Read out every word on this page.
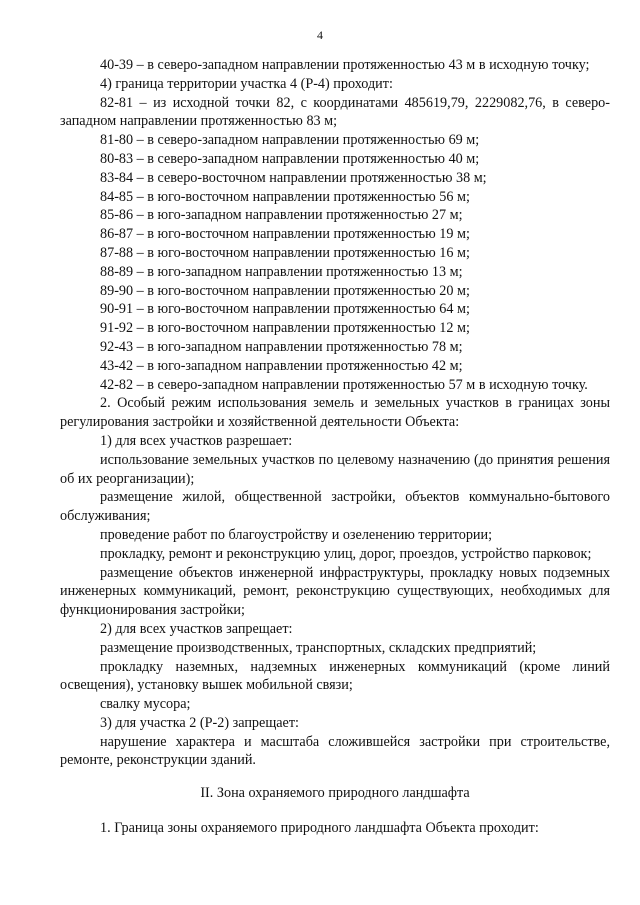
4

40-39 – в северо-западном направлении протяженностью 43 м в исходную точку;

4) граница территории участка 4 (Р-4) проходит:

82-81 – из исходной точки 82, с координатами 485619,79, 2229082,76, в северо-западном направлении протяженностью 83 м;

81-80 – в северо-западном направлении протяженностью 69 м;

80-83 – в северо-западном направлении протяженностью 40 м;

83-84 – в северо-восточном направлении протяженностью 38 м;

84-85 – в юго-восточном направлении протяженностью 56 м;

85-86 – в юго-западном направлении протяженностью 27 м;

86-87 – в юго-восточном направлении протяженностью 19 м;

87-88 – в юго-восточном направлении протяженностью 16 м;

88-89 – в юго-западном направлении протяженностью 13 м;

89-90 – в юго-восточном направлении протяженностью 20 м;

90-91 – в юго-восточном направлении протяженностью 64 м;

91-92 – в юго-восточном направлении протяженностью 12 м;

92-43 – в юго-западном направлении протяженностью 78 м;

43-42 – в юго-западном направлении протяженностью 42 м;

42-82 – в северо-западном направлении протяженностью 57 м в исходную точку.

2. Особый режим использования земель и земельных участков в границах зоны регулирования застройки и хозяйственной деятельности Объекта:

1) для всех участков разрешает:

использование земельных участков по целевому назначению (до принятия решения об их реорганизации);

размещение жилой, общественной застройки, объектов коммунально-бытового обслуживания;

проведение работ по благоустройству и озеленению территории;

прокладку, ремонт и реконструкцию улиц, дорог, проездов, устройство парковок;

размещение объектов инженерной инфраструктуры, прокладку новых подземных инженерных коммуникаций, ремонт, реконструкцию существующих, необходимых для функционирования застройки;

2) для всех участков запрещает:

размещение производственных, транспортных, складских предприятий;

прокладку наземных, надземных инженерных коммуникаций (кроме линий освещения), установку вышек мобильной связи;

свалку мусора;

3) для участка 2 (Р-2) запрещает:

нарушение характера и масштаба сложившейся застройки при строительстве, ремонте, реконструкции зданий.

II. Зона охраняемого природного ландшафта

1. Граница зоны охраняемого природного ландшафта Объекта проходит:
